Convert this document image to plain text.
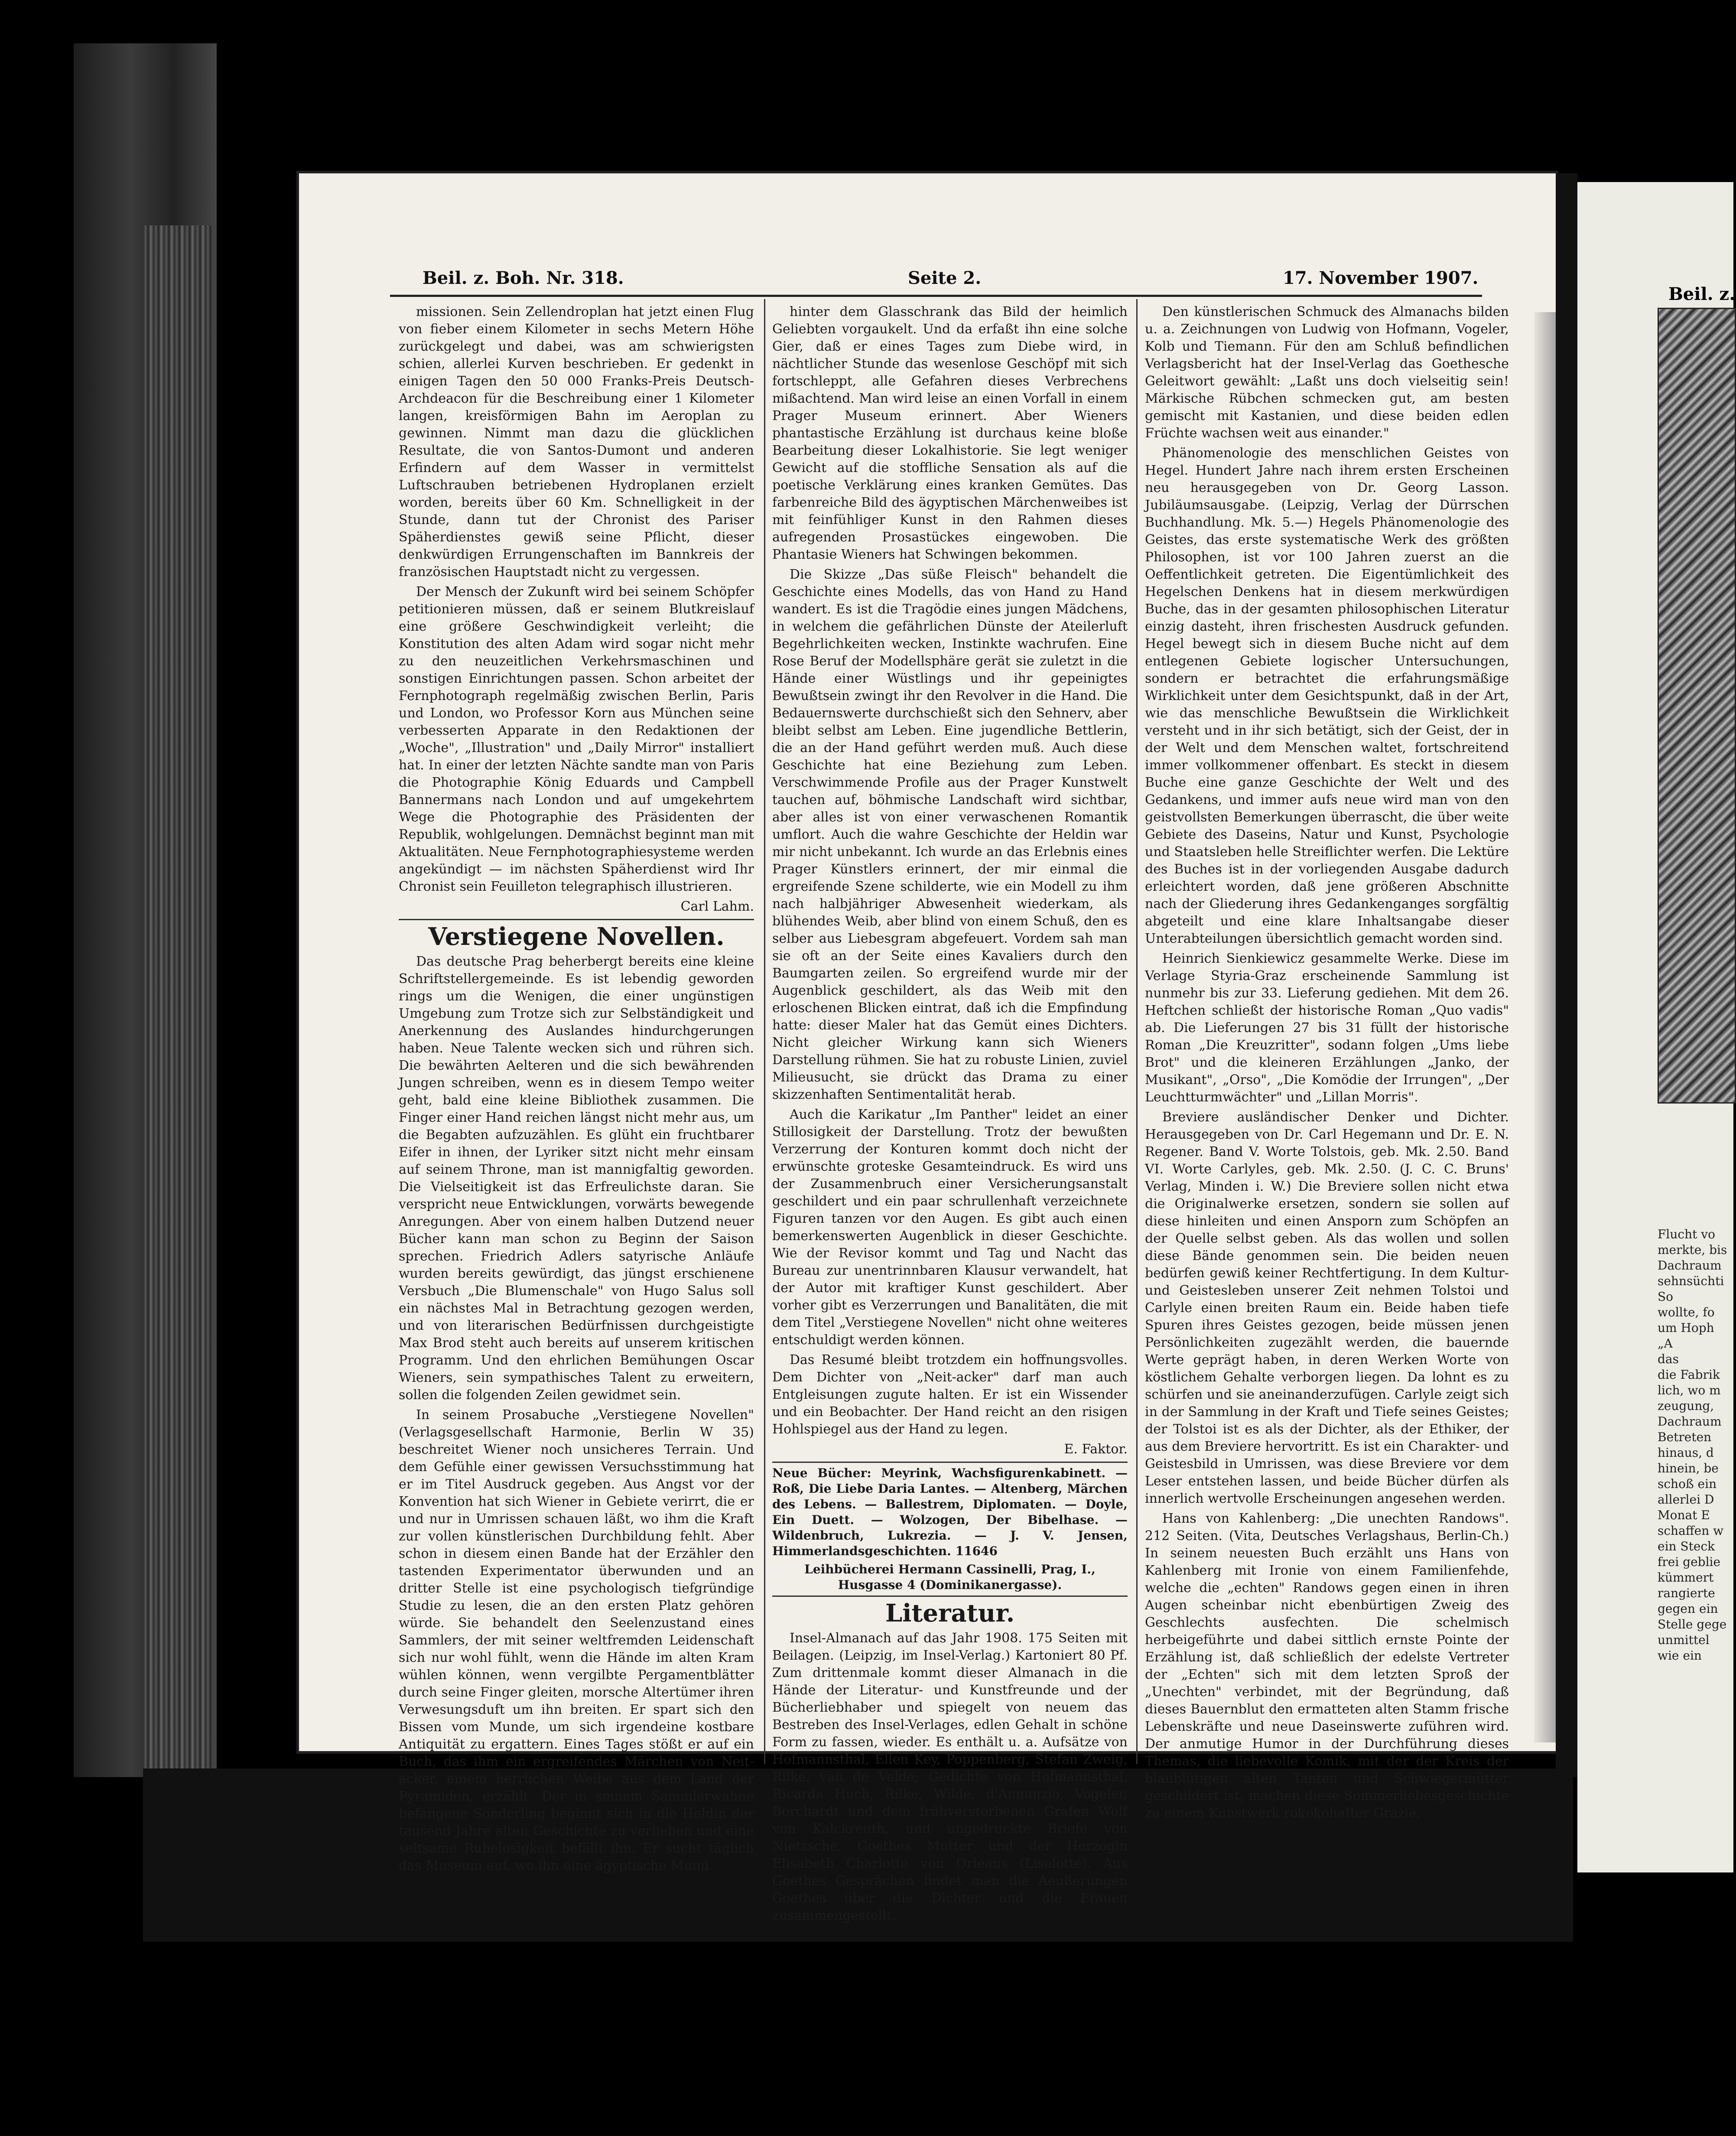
Beil. z. Boh. Nr. 318.	Seite 2.	17. November 1907.

missionen. Sein Zellendroplan hat jetzt einen Flug von fieber einem Kilometer in sechs Metern Höhe zurückgelegt und dabei, was am schwierigsten schien, allerlei Kurven beschrieben. Er gedenkt in einigen Tagen den 50 000 Franks-Preis Deutsch-Archdeacon für die Beschreibung einer 1 Kilometer langen, kreisförmigen Bahn im Aeroplan zu gewinnen. Nimmt man dazu die glücklichen Resultate, die von Santos-Dumont und anderen Erfindern auf dem Wasser in vermittelst Luftschrauben betriebenen Hydroplanen erzielt worden, bereits über 60 Km. Schnelligkeit in der Stunde, dann tut der Chronist des Pariser Späherdienstes gewiß seine Pflicht, dieser denkwürdigen Errungenschaften im Bannkreis der französischen Hauptstadt nicht zu vergessen.

Der Mensch der Zukunft wird bei seinem Schöpfer petitionieren müssen, daß er seinem Blutkreislauf eine größere Geschwindigkeit verleiht; die Konstitution des alten Adam wird sogar nicht mehr zu den neuzeitlichen Verkehrsmaschinen und sonstigen Einrichtungen passen. Schon arbeitet der Fernphotograph regelmäßig zwischen Berlin, Paris und London, wo Professor Korn aus München seine verbesserten Apparate in den Redaktionen der „Woche", „Illustration" und „Daily Mirror" installiert hat. In einer der letzten Nächte sandte man von Paris die Photographie König Eduards und Campbell Bannermans nach London und auf umgekehrtem Wege die Photographie des Präsidenten der Republik, wohlgelungen. Demnächst beginnt man mit Aktualitäten. Neue Fernphotographiesysteme werden angekündigt — im nächsten Späherdienst wird Ihr Chronist sein Feuilleton telegraphisch illustrieren.

Carl Lahm.

Verstiegene Novellen.

Das deutsche Prag beherbergt bereits eine kleine Schriftstellergemeinde. Es ist lebendig geworden rings um die Wenigen, die einer ungünstigen Umgebung zum Trotze sich zur Selbständigkeit und Anerkennung des Auslandes hindurchgerungen haben. Neue Talente wecken sich und rühren sich. Die bewährten Aelteren und die sich bewährenden Jungen schreiben, wenn es in diesem Tempo weiter geht, bald eine kleine Bibliothek zusammen. Die Finger einer Hand reichen längst nicht mehr aus, um die Begabten aufzuzählen. Es glüht ein fruchtbarer Eifer in ihnen, der Lyriker sitzt nicht mehr einsam auf seinem Throne, man ist mannigfaltig geworden. Die Vielseitigkeit ist das Erfreulichste daran. Sie verspricht neue Entwicklungen, vorwärts bewegende Anregungen. Aber von einem halben Dutzend neuer Bücher kann man schon zu Beginn der Saison sprechen. Friedrich Adlers satyrische Anläufe wurden bereits gewürdigt, das jüngst erschienene Versbuch „Die Blumenschale" von Hugo Salus soll ein nächstes Mal in Betrachtung gezogen werden, und von literarischen Bedürfnissen durchgeistigte Max Brod steht auch bereits auf unserem kritischen Programm. Und den ehrlichen Bemühungen Oscar Wieners, sein sympathisches Talent zu erweitern, sollen die folgenden Zeilen gewidmet sein.

In seinem Prosabuche „Verstiegene Novellen" (Verlagsgesellschaft Harmonie, Berlin W 35) beschreitet Wiener noch unsicheres Terrain. Und dem Gefühle einer gewissen Versuchsstimmung hat er im Titel Ausdruck gegeben. Aus Angst vor der Konvention hat sich Wiener in Gebiete verirrt, die er und nur in Umrissen schauen läßt, wo ihm die Kraft zur vollen künstlerischen Durchbildung fehlt. Aber schon in diesem einen Bande hat der Erzähler den tastenden Experimentator überwunden und an dritter Stelle ist eine psychologisch tiefgründige Studie zu lesen, die an den ersten Platz gehören würde. Sie behandelt den Seelenzustand eines Sammlers, der mit seiner weltfremden Leidenschaft sich nur wohl fühlt, wenn die Hände im alten Kram wühlen können, wenn vergilbte Pergamentblätter durch seine Finger gleiten, morsche Altertümer ihren Verwesungsduft um ihn breiten. Er spart sich den Bissen vom Munde, um sich irgendeine kostbare Antiquität zu ergattern. Eines Tages stößt er auf ein Buch, das ihm ein ergreifendes Märchen von Neit-acker, einem herrlichen Weibe aus dem Land der Pyramiden, erzählt. Der in seinem Sammlerwahne befangene Sonderling beginnt sich in die Heldin der tausend Jahre alten Geschichte zu verlieben und eine seltsame Ruhelosigkeit befällt ihn. Er sucht täglich das Museum auf, wo ihn eine ägyptische Mumi

hinter dem Glasschrank das Bild der heimlich Geliebten vorgaukelt. Und da erfaßt ihn eine solche Gier, daß er eines Tages zum Diebe wird, in nächtlicher Stunde das wesenlose Geschöpf mit sich fortschleppt, alle Gefahren dieses Verbrechens mißachtend. Man wird leise an einen Vorfall in einem Prager Museum erinnert. Aber Wieners phantastische Erzählung ist durchaus keine bloße Bearbeitung dieser Lokalhistorie. Sie legt weniger Gewicht auf die stoffliche Sensation als auf die poetische Verklärung eines kranken Gemütes. Das farbenreiche Bild des ägyptischen Märchenweibes ist mit feinfühliger Kunst in den Rahmen dieses aufregenden Prosastückes eingewoben. Die Phantasie Wieners hat Schwingen bekommen.

Die Skizze „Das süße Fleisch" behandelt die Geschichte eines Modells, das von Hand zu Hand wandert. Es ist die Tragödie eines jungen Mädchens, in welchem die gefährlichen Dünste der Ateilerluft Begehrlichkeiten wecken, Instinkte wachrufen. Eine Rose Beruf der Modellsphäre gerät sie zuletzt in die Hände einer Wüstlings und ihr gepeinigtes Bewußtsein zwingt ihr den Revolver in die Hand. Die Bedauernswerte durchschießt sich den Sehnerv, aber bleibt selbst am Leben. Eine jugendliche Bettlerin, die an der Hand geführt werden muß. Auch diese Geschichte hat eine Beziehung zum Leben. Verschwimmende Profile aus der Prager Kunstwelt tauchen auf, böhmische Landschaft wird sichtbar, aber alles ist von einer verwaschenen Romantik umflort. Auch die wahre Geschichte der Heldin war mir nicht unbekannt. Ich wurde an das Erlebnis eines Prager Künstlers erinnert, der mir einmal die ergreifende Szene schilderte, wie ein Modell zu ihm nach halbjähriger Abwesenheit wiederkam, als blühendes Weib, aber blind von einem Schuß, den es selber aus Liebesgram abgefeuert. Vordem sah man sie oft an der Seite eines Kavaliers durch den Baumgarten zeilen. So ergreifend wurde mir der Augenblick geschildert, als das Weib mit den erloschenen Blicken eintrat, daß ich die Empfindung hatte: dieser Maler hat das Gemüt eines Dichters. Nicht gleicher Wirkung kann sich Wieners Darstellung rühmen. Sie hat zu robuste Linien, zuviel Milieusucht, sie drückt das Drama zu einer skizzenhaften Sentimentalität herab.

Auch die Karikatur „Im Panther" leidet an einer Stillosigkeit der Darstellung. Trotz der bewußten Verzerrung der Konturen kommt doch nicht der erwünschte groteske Gesamteindruck. Es wird uns der Zusammenbruch einer Versicherungsanstalt geschildert und ein paar schrullenhaft verzeichnete Figuren tanzen vor den Augen. Es gibt auch einen bemerkenswerten Augenblick in dieser Geschichte. Wie der Revisor kommt und Tag und Nacht das Bureau zur unentrinnbaren Klausur verwandelt, hat der Autor mit kraftiger Kunst geschildert. Aber vorher gibt es Verzerrungen und Banalitäten, die mit dem Titel „Verstiegene Novellen" nicht ohne weiteres entschuldigt werden können.

Das Resumé bleibt trotzdem ein hoffnungsvolles. Dem Dichter von „Neit-acker" darf man auch Entgleisungen zugute halten. Er ist ein Wissender und ein Beobachter. Der Hand reicht an den risigen Hohlspiegel aus der Hand zu legen.

E. Faktor.

Neue Bücher: Meyrink, Wachsfigurenkabinett. — Roß, Die Liebe Daria Lantes. — Altenberg, Märchen des Lebens. — Ballestrem, Diplomaten. — Doyle, Ein Duett. — Wolzogen, Der Bibelhase. — Wildenbruch, Lukrezia. — J. V. Jensen, Himmerlandsgeschichten. 11646

Leihbücherei Hermann Cassinelli, Prag, I., Husgasse 4 (Dominikanergasse).

Literatur.

Insel-Almanach auf das Jahr 1908. 175 Seiten mit Beilagen. (Leipzig, im Insel-Verlag.) Kartoniert 80 Pf. Zum drittenmale kommt dieser Almanach in die Hände der Literatur- und Kunstfreunde und der Bücherliebhaber und spiegelt von neuem das Bestreben des Insel-Verlages, edlen Gehalt in schöne Form zu fassen, wieder. Es enthält u. a. Aufsätze von Hofmannsthal, Ellen Key, Poppenberg, Stefan Zweig, Rilke, van de Velde; Gedichte von Hofmannsthal, Ricarda Huch, Rilke, Wilde, d'Annunzio, Vogeler, Borchardt und dem frühverstorbenen Grafen Wolf von Kalckreuth, und ungedruckte Briefe von Nietzsche, Goethes Mutter und der Herzogin Elisabeth Charlotte von Orleans (Liselotte). Aus Goethes Gesprächen findet man die Aeußerungen Goethes über die Dichter und die Frauen zusammengestellt.

Den künstlerischen Schmuck des Almanachs bilden u. a. Zeichnungen von Ludwig von Hofmann, Vogeler, Kolb und Tiemann. Für den am Schluß befindlichen Verlagsbericht hat der Insel-Verlag das Goethesche Geleitwort gewählt: „Laßt uns doch vielseitig sein! Märkische Rübchen schmecken gut, am besten gemischt mit Kastanien, und diese beiden edlen Früchte wachsen weit aus einander."

Phänomenologie des menschlichen Geistes von Hegel. Hundert Jahre nach ihrem ersten Erscheinen neu herausgegeben von Dr. Georg Lasson. Jubiläumsausgabe. (Leipzig, Verlag der Dürrschen Buchhandlung. Mk. 5.—) Hegels Phänomenologie des Geistes, das erste systematische Werk des größten Philosophen, ist vor 100 Jahren zuerst an die Oeffentlichkeit getreten. Die Eigentümlichkeit des Hegelschen Denkens hat in diesem merkwürdigen Buche, das in der gesamten philosophischen Literatur einzig dasteht, ihren frischesten Ausdruck gefunden. Hegel bewegt sich in diesem Buche nicht auf dem entlegenen Gebiete logischer Untersuchungen, sondern er betrachtet die erfahrungsmäßige Wirklichkeit unter dem Gesichtspunkt, daß in der Art, wie das menschliche Bewußtsein die Wirklichkeit versteht und in ihr sich betätigt, sich der Geist, der in der Welt und dem Menschen waltet, fortschreitend immer vollkommener offenbart. Es steckt in diesem Buche eine ganze Geschichte der Welt und des Gedankens, und immer aufs neue wird man von den geistvollsten Bemerkungen überrascht, die über weite Gebiete des Daseins, Natur und Kunst, Psychologie und Staatsleben helle Streiflichter werfen. Die Lektüre des Buches ist in der vorliegenden Ausgabe dadurch erleichtert worden, daß jene größeren Abschnitte nach der Gliederung ihres Gedankenganges sorgfältig abgeteilt und eine klare Inhaltsangabe dieser Unterabteilungen übersichtlich gemacht worden sind.

Heinrich Sienkiewicz gesammelte Werke. Diese im Verlage Styria-Graz erscheinende Sammlung ist nunmehr bis zur 33. Lieferung gediehen. Mit dem 26. Heftchen schließt der historische Roman „Quo vadis" ab. Die Lieferungen 27 bis 31 füllt der historische Roman „Die Kreuzritter", sodann folgen „Ums liebe Brot" und die kleineren Erzählungen „Janko, der Musikant", „Orso", „Die Komödie der Irrungen", „Der Leuchtturmwächter" und „Lillan Morris".

Breviere ausländischer Denker und Dichter. Herausgegeben von Dr. Carl Hegemann und Dr. E. N. Regener. Band V. Worte Tolstois, geb. Mk. 2.50. Band VI. Worte Carlyles, geb. Mk. 2.50. (J. C. C. Bruns' Verlag, Minden i. W.) Die Breviere sollen nicht etwa die Originalwerke ersetzen, sondern sie sollen auf diese hinleiten und einen Ansporn zum Schöpfen an der Quelle selbst geben. Als das wollen und sollen diese Bände genommen sein. Die beiden neuen bedürfen gewiß keiner Rechtfertigung. In dem Kultur- und Geistesleben unserer Zeit nehmen Tolstoi und Carlyle einen breiten Raum ein. Beide haben tiefe Spuren ihres Geistes gezogen, beide müssen jenen Persönlichkeiten zugezählt werden, die bauernde Werte geprägt haben, in deren Werken Worte von köstlichem Gehalte verborgen liegen. Da lohnt es zu schürfen und sie aneinanderzufügen. Carlyle zeigt sich in der Sammlung in der Kraft und Tiefe seines Geistes; der Tolstoi ist es als der Dichter, als der Ethiker, der aus dem Breviere hervortritt. Es ist ein Charakter- und Geistesbild in Umrissen, was diese Breviere vor dem Leser entstehen lassen, und beide Bücher dürfen als innerlich wertvolle Erscheinungen angesehen werden.

Hans von Kahlenberg: „Die unechten Randows". 212 Seiten. (Vita, Deutsches Verlagshaus, Berlin-Ch.) In seinem neuesten Buch erzählt uns Hans von Kahlenberg mit Ironie von einem Familienfehde, welche die „echten" Randows gegen einen in ihren Augen scheinbar nicht ebenbürtigen Zweig des Geschlechts ausfechten. Die schelmisch herbeigeführte und dabei sittlich ernste Pointe der Erzählung ist, daß schließlich der edelste Vertreter der „Echten" sich mit dem letzten Sproß der „Unechten" verbindet, mit der Begründung, daß dieses Bauernblut den ermatteten alten Stamm frische Lebenskräfte und neue Daseinswerte zuführen wird. Der anmutige Humor in der Durchführung dieses Themas, die liebevolle Komik, mit der der Kreis der blaublütigen alten Tanten und Schwiegermütter geschildert ist, machen diese Sommerliebesgeschichte zu einem Kunstwerk rokokohafter Grazie.

Beil. z.
Flucht vo
merkte, bis
Dachraum
sehnsüchti
So
wollte, fo
um Hoph
„A
das
die Fabrik
lich, wo m
zeugung,
Dachraum
Betreten
hinaus, d
hinein, be
schoß ein
allerlei D
Monat E
schaffen w
ein Steck
frei geblie
kümmert
rangierte
gegen ein
Stelle gege
unmittel
wie ein
